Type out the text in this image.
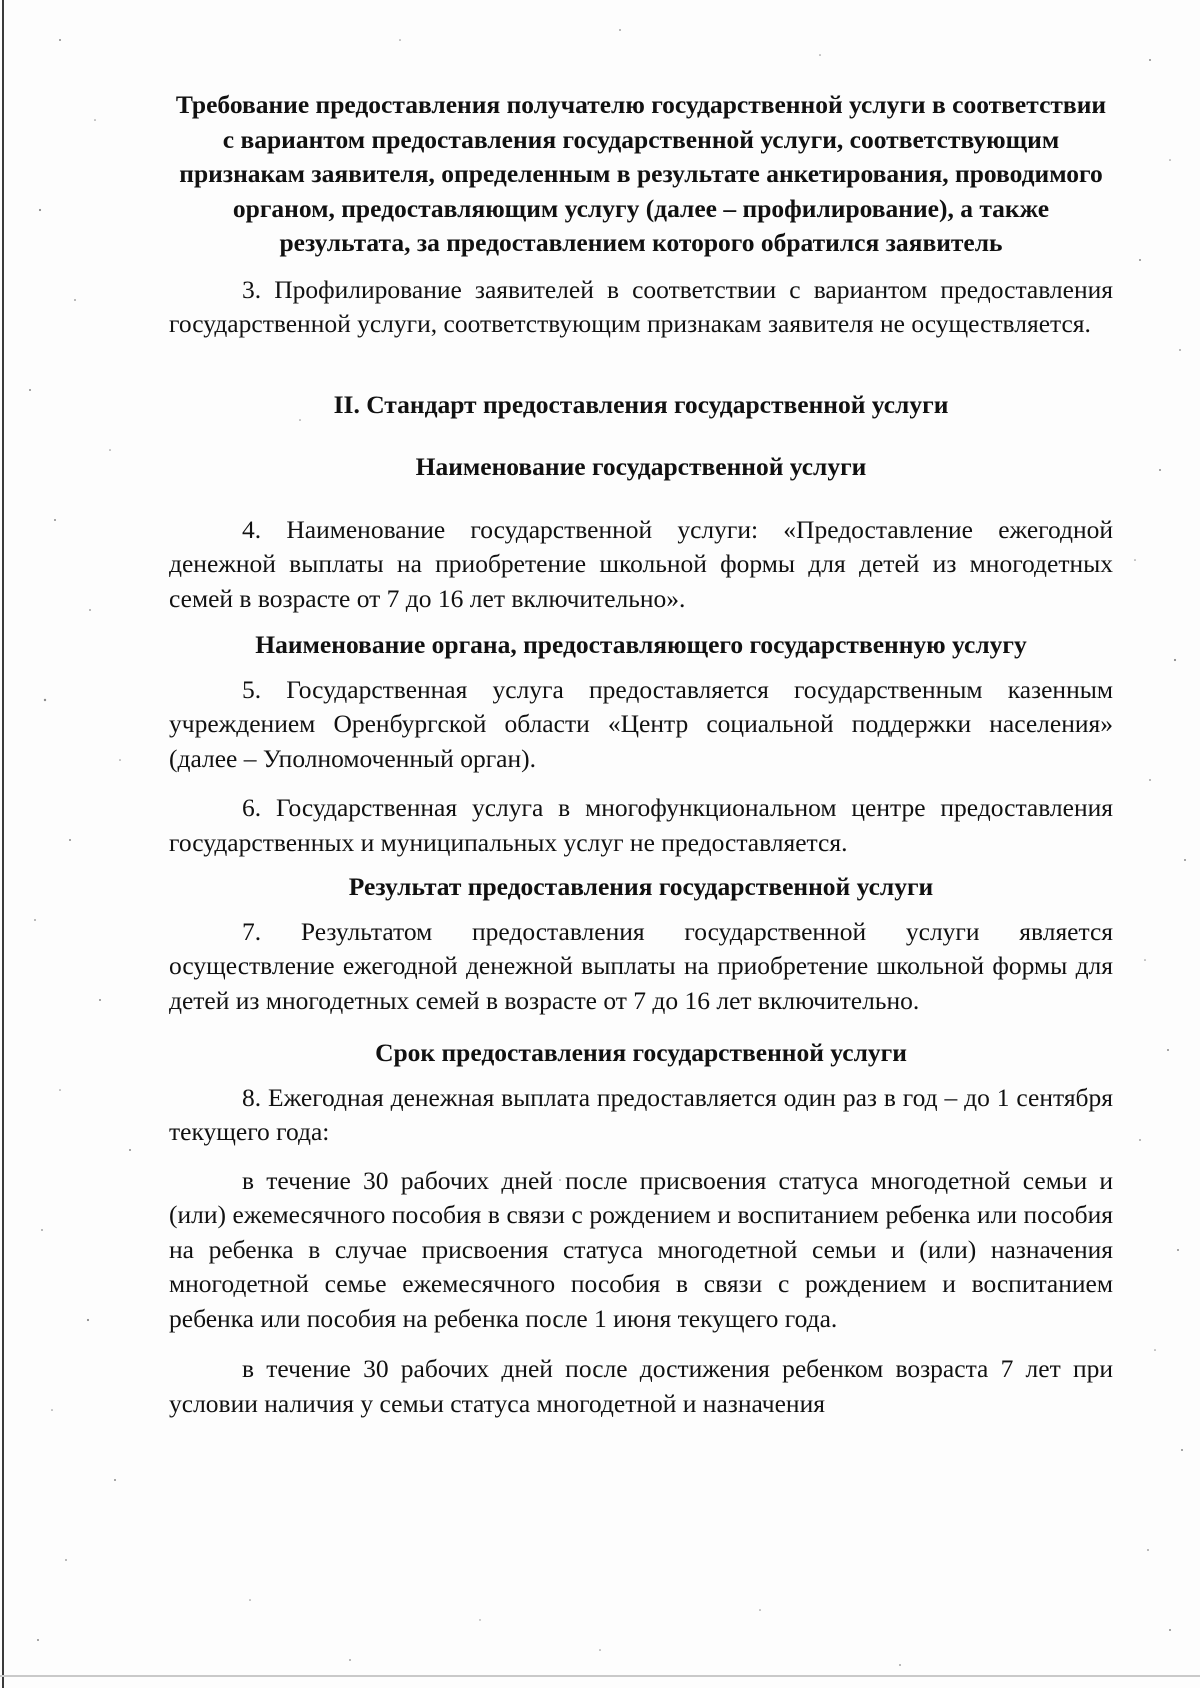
Требование предоставления получателю государственной услуги в соответствии с вариантом предоставления государственной услуги, соответствующим признакам заявителя, определенным в результате анкетирования, проводимого органом, предоставляющим услугу (далее – профилирование), а также результата, за предоставлением которого обратился заявитель

3. Профилирование заявителей в соответствии с вариантом предоставления государственной услуги, соответствующим признакам заявителя не осуществляется.

II. Стандарт предоставления государственной услуги

Наименование государственной услуги

4. Наименование государственной услуги: «Предоставление ежегодной денежной выплаты на приобретение школьной формы для детей из многодетных семей в возрасте от 7 до 16 лет включительно».

Наименование органа, предоставляющего государственную услугу

5. Государственная услуга предоставляется государственным казенным учреждением Оренбургской области «Центр социальной поддержки населения» (далее – Уполномоченный орган).

6. Государственная услуга в многофункциональном центре предоставления государственных и муниципальных услуг не предоставляется.

Результат предоставления государственной услуги

7. Результатом предоставления государственной услуги является осуществление ежегодной денежной выплаты на приобретение школьной формы для детей из многодетных семей в возрасте от 7 до 16 лет включительно.

Срок предоставления государственной услуги

8. Ежегодная денежная выплата предоставляется один раз в год – до 1 сентября текущего года:

в течение 30 рабочих дней после присвоения статуса многодетной семьи и (или) ежемесячного пособия в связи с рождением и воспитанием ребенка или пособия на ребенка в случае присвоения статуса многодетной семьи и (или) назначения многодетной семье ежемесячного пособия в связи с рождением и воспитанием ребенка или пособия на ребенка после 1 июня текущего года.

в течение 30 рабочих дней после достижения ребенком возраста 7 лет при условии наличия у семьи статуса многодетной и назначения
